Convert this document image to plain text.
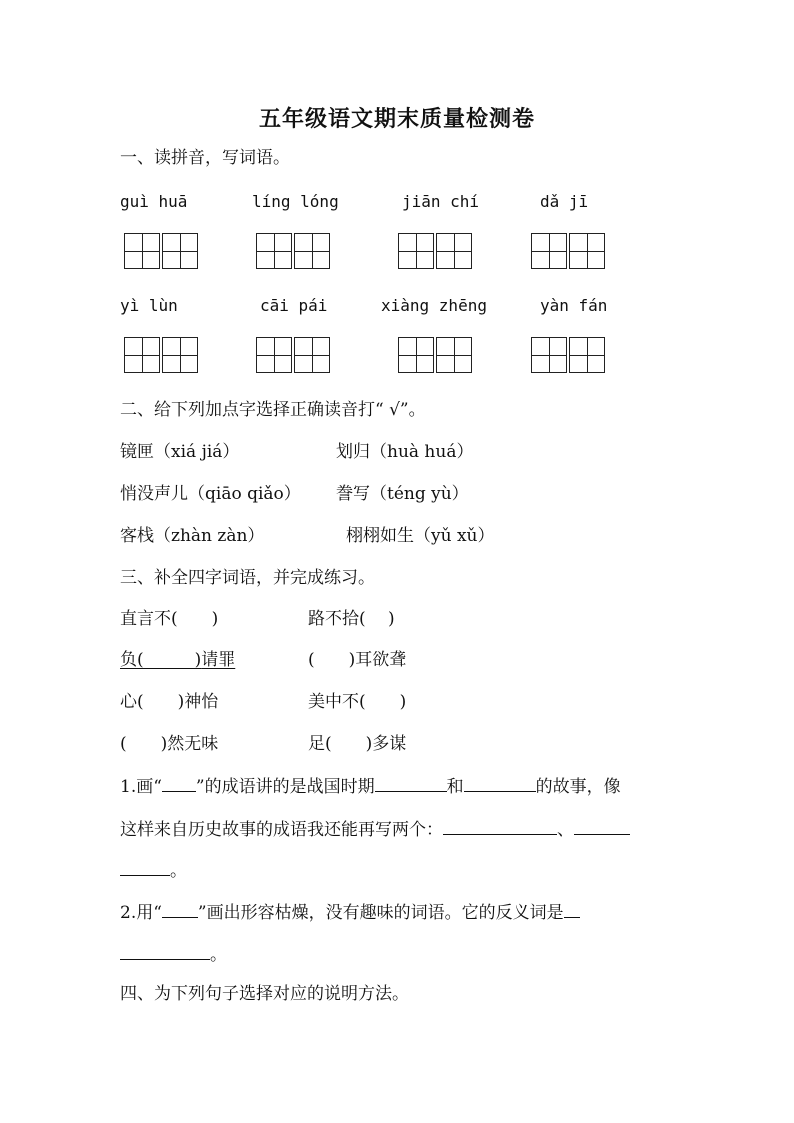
五年级语文期末质量检测卷
一、读拼音，写词语。
guì huā	líng lóng	jiān chí	dǎ jī
yì lùn	cāi pái	xiàng zhēng	yàn fán
二、给下列加点字选择正确读音打“ √”。
镜匣（xiá jiá）	划归（huà huá）
悄没声儿（qiāo qiǎo） 誊写（téng yù）
客栈（zhàn zàn）	栩栩如生（yǔ xǔ）
三、补全四字词语，并完成练习。
直言不(　　)	路不拾(　 )
负(　　　)请罪	(　　)耳欲聋
心(　　)神怡	美中不(　　)
(　　)然无味	足(　　)多谋
1.画“ ”的成语讲的是战国时期	和	的故事，像
这样来自历史故事的成语我还能再写两个：	、
。
2.用“ ”画出形容枯燥，没有趣味的词语。它的反义词是
。
四、为下列句子选择对应的说明方法。
